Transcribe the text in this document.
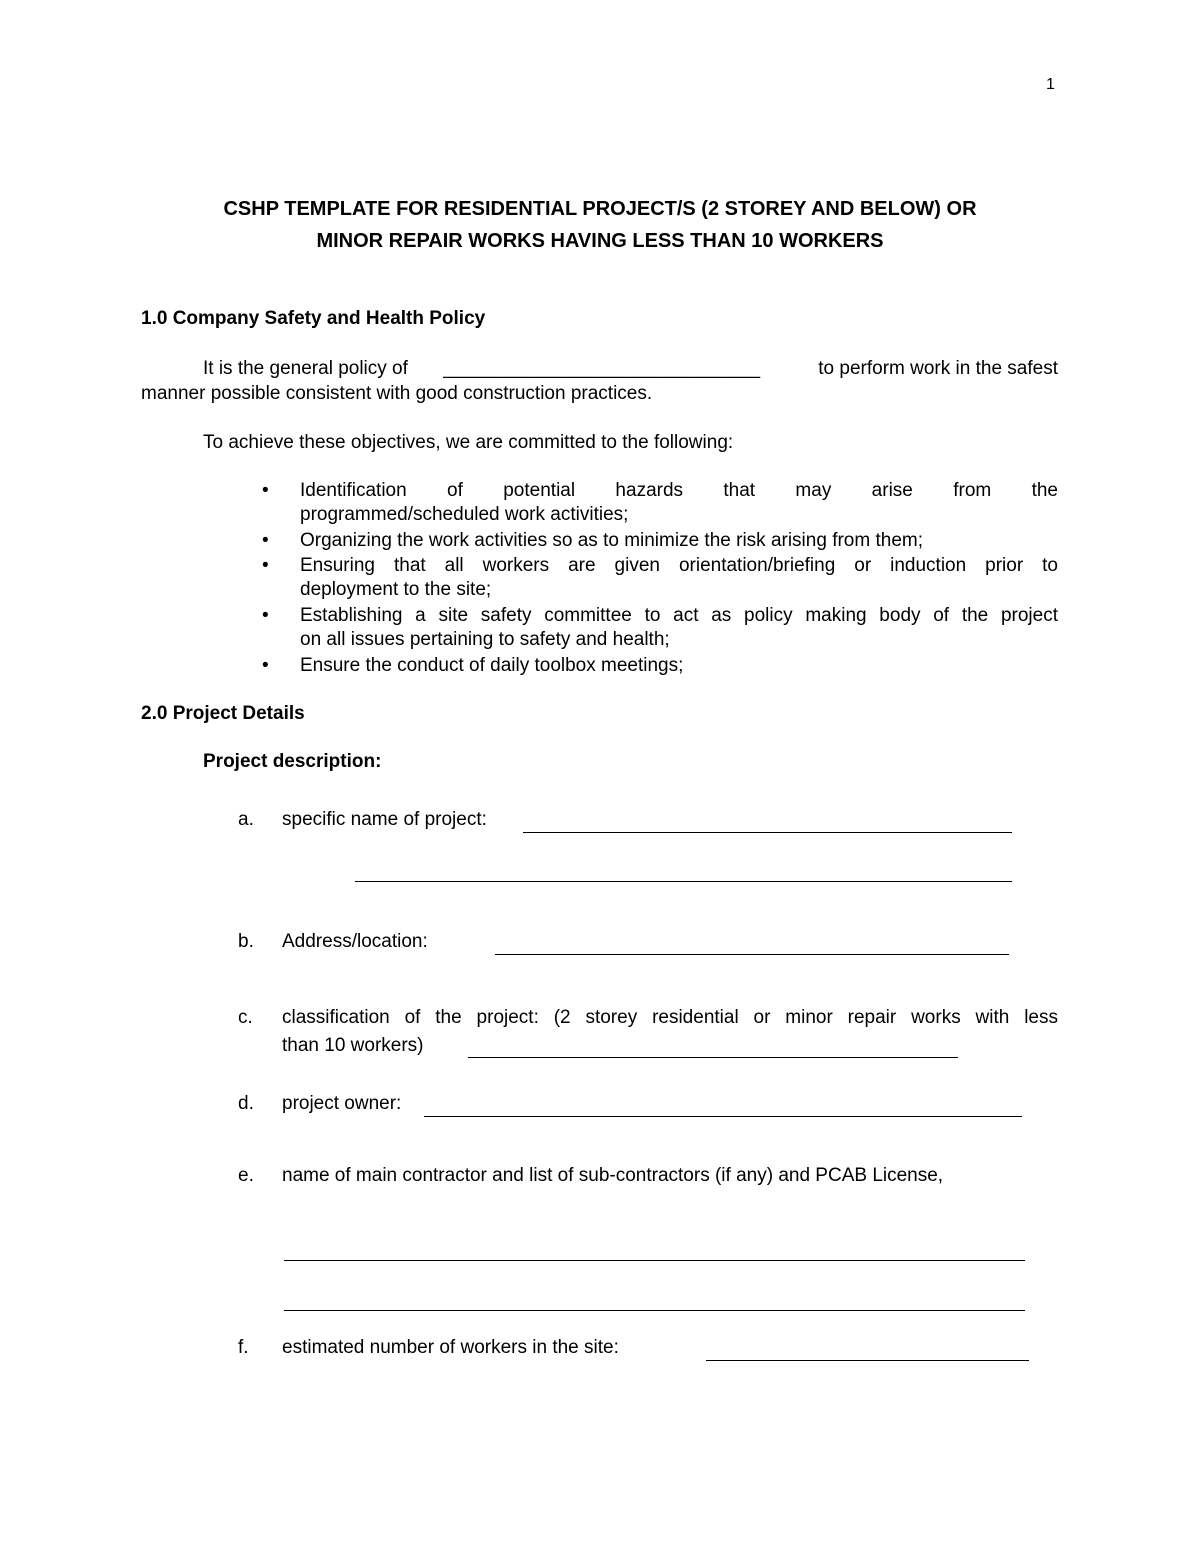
1
CSHP TEMPLATE FOR RESIDENTIAL PROJECT/S (2 STOREY AND BELOW) OR
MINOR REPAIR WORKS HAVING LESS THAN 10 WORKERS
1.0 Company Safety and Health Policy
It is the general policy of ______________________________	to perform work in the safest
manner possible consistent with good construction practices.
To achieve these objectives, we are committed to the following:
• Identification of potential hazards that may arise from the
programmed/scheduled work activities;
• Organizing the work activities so as to minimize the risk arising from them;
• Ensuring that all workers are given orientation/briefing or induction prior to
deployment to the site;
• Establishing a site safety committee to act as policy making body of the project
on all issues pertaining to safety and health;
• Ensure the conduct of daily toolbox meetings;
2.0 Project Details
Project description:
a. specific name of project:
b. Address/location:
c. classification of the project: (2 storey residential or minor repair works with less
than 10 workers)
d. project owner:
e. name of main contractor and list of sub-contractors (if any) and PCAB License,
f. estimated number of workers in the site:
